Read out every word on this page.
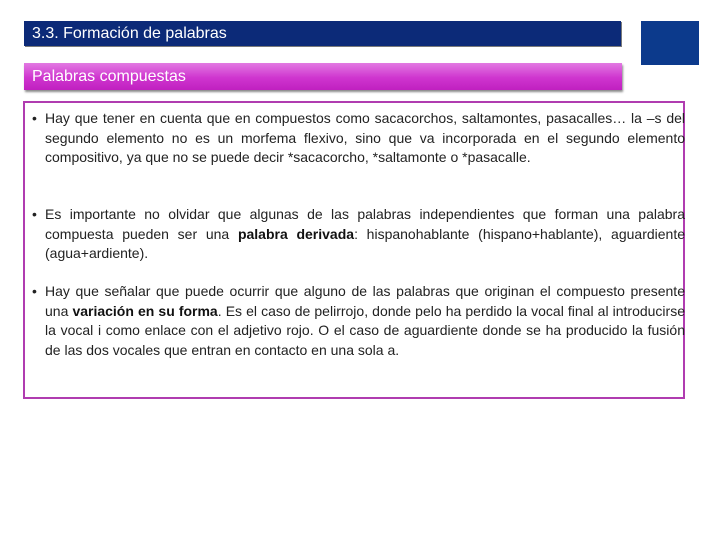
3.3. Formación de palabras
Palabras compuestas
• Hay que tener en cuenta que en compuestos como sacacorchos, saltamontes, pasacalles… la –s del segundo elemento no es un morfema flexivo, sino que va incorporada en el segundo elemento compositivo, ya que no se puede decir *sacacorcho, *saltamonte o *pasacalle.
• Es importante no olvidar que algunas de las palabras independientes que forman una palabra compuesta pueden ser una palabra derivada: hispanohablante (hispano+hablante), aguardiente (agua+ardiente).
• Hay que señalar que puede ocurrir que alguno de las palabras que originan el compuesto presente una variación en su forma. Es el caso de pelirrojo, donde pelo ha perdido la vocal final al introducirse la vocal i como enlace con el adjetivo rojo. O el caso de aguardiente donde se ha producido la fusión de las dos vocales que entran en contacto en una sola a.
